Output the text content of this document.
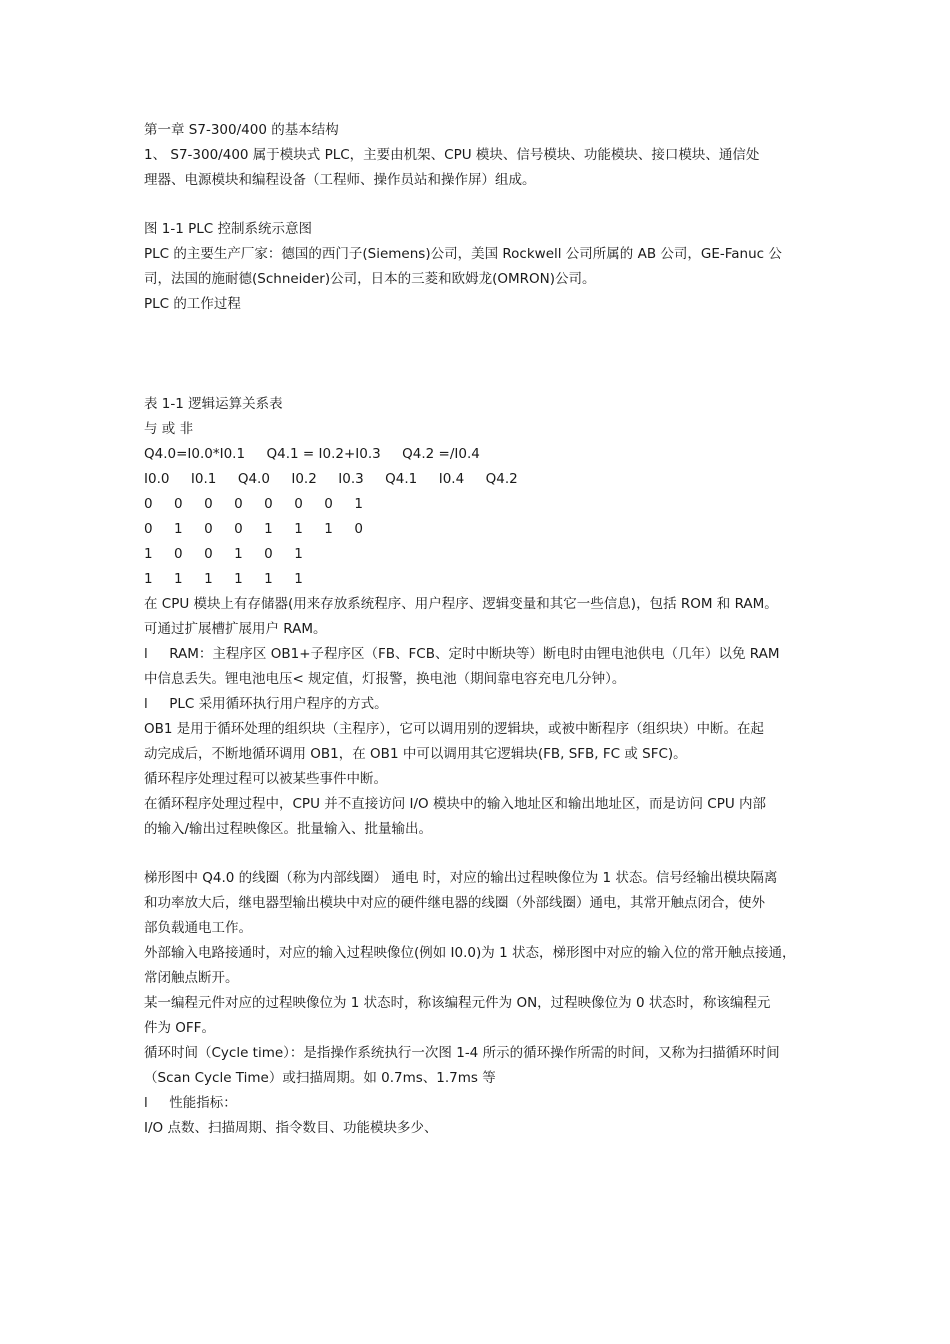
第一章 S7-300/400 的基本结构
1、 S7-300/400 属于模块式 PLC，主要由机架、CPU 模块、信号模块、功能模块、接口模块、通信处
理器、电源模块和编程设备（工程师、操作员站和操作屏）组成。
图 1-1 PLC 控制系统示意图
PLC 的主要生产厂家：德国的西门子(Siemens)公司，美国 Rockwell 公司所属的 AB 公司，GE-Fanuc 公
司，法国的施耐德(Schneider)公司，日本的三菱和欧姆龙(OMRON)公司。
PLC 的工作过程
表 1-1 逻辑运算关系表
与 或 非
Q4.0=I0.0*I0.1     Q4.1 = I0.2+I0.3     Q4.2 =/I0.4
I0.0     I0.1     Q4.0     I0.2     I0.3     Q4.1     I0.4     Q4.2
0     0     0     0     0     0     0     1
0     1     0     0     1     1     1     0
1     0     0     1     0     1
1     1     1     1     1     1
在 CPU 模块上有存储器(用来存放系统程序、用户程序、逻辑变量和其它一些信息)，包括 ROM 和 RAM。
可通过扩展槽扩展用户 RAM。
l     RAM：主程序区 OB1+子程序区（FB、FCB、定时中断块等）断电时由锂电池供电（几年）以免 RAM
中信息丢失。锂电池电压< 规定值，灯报警，换电池（期间靠电容充电几分钟）。
l     PLC 采用循环执行用户程序的方式。
OB1 是用于循环处理的组织块（主程序），它可以调用别的逻辑块，或被中断程序（组织块）中断。在起
动完成后，不断地循环调用 OB1，在 OB1 中可以调用其它逻辑块(FB, SFB, FC 或 SFC)。
循环程序处理过程可以被某些事件中断。
在循环程序处理过程中，CPU 并不直接访问 I/O 模块中的输入地址区和输出地址区，而是访问 CPU 内部
的输入/输出过程映像区。批量输入、批量输出。
梯形图中 Q4.0 的线圈（称为内部线圈） 通电 时，对应的输出过程映像位为 1 状态。信号经输出模块隔离
和功率放大后，继电器型输出模块中对应的硬件继电器的线圈（外部线圈）通电，其常开触点闭合，使外
部负载通电工作。
外部输入电路接通时，对应的输入过程映像位(例如 I0.0)为 1 状态，梯形图中对应的输入位的常开触点接通，
常闭触点断开。
某一编程元件对应的过程映像位为 1 状态时，称该编程元件为 ON，过程映像位为 0 状态时，称该编程元
件为 OFF。
循环时间（Cycle time）：是指操作系统执行一次图 1-4 所示的循环操作所需的时间，又称为扫描循环时间
（Scan Cycle Time）或扫描周期。如 0.7ms、1.7ms 等
l     性能指标：
I/O 点数、扫描周期、指令数目、功能模块多少、
